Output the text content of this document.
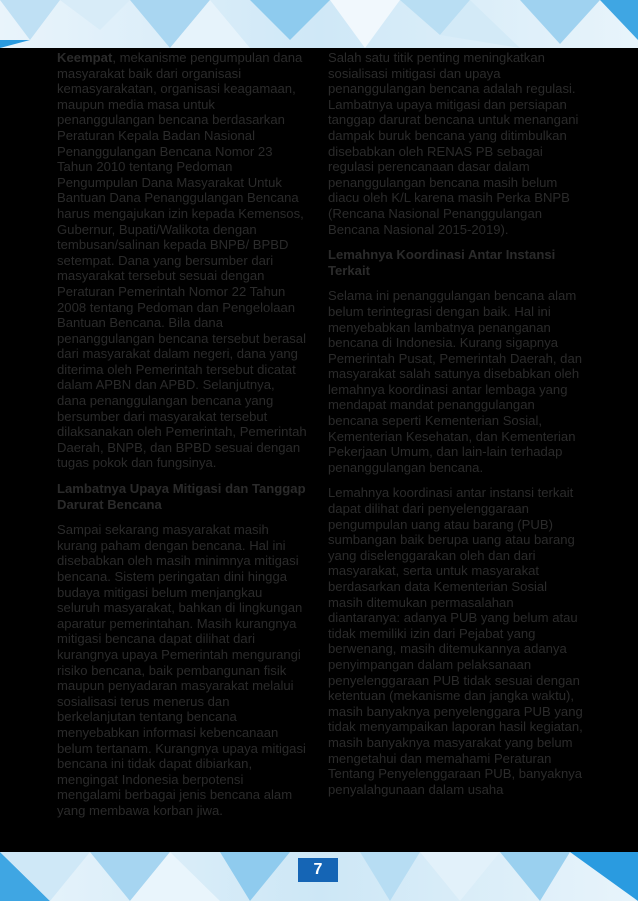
Keempat, mekanisme pengumpulan dana masyarakat baik dari organisasi kemasyarakatan, organisasi keagamaan, maupun media masa untuk penanggulangan bencana berdasarkan Peraturan Kepala Badan Nasional Penanggulangan Bencana Nomor 23 Tahun 2010 tentang Pedoman Pengumpulan Dana Masyarakat Untuk Bantuan Dana Penanggulangan Bencana harus mengajukan izin kepada Kemensos, Gubernur, Bupati/Walikota dengan tembusan/salinan kepada BNPB/ BPBD setempat. Dana yang bersumber dari masyarakat tersebut sesuai dengan Peraturan Pemerintah Nomor 22 Tahun 2008 tentang Pedoman dan Pengelolaan Bantuan Bencana. Bila dana penanggulangan bencana tersebut berasal dari masyarakat dalam negeri, dana yang diterima oleh Pemerintah tersebut dicatat dalam APBN dan APBD. Selanjutnya, dana penanggulangan bencana yang bersumber dari masyarakat tersebut dilaksanakan oleh Pemerintah, Pemerintah Daerah, BNPB, dan BPBD sesuai dengan tugas pokok dan fungsinya.

Lambatnya Upaya Mitigasi dan Tanggap Darurat Bencana

Sampai sekarang masyarakat masih kurang paham dengan bencana. Hal ini disebabkan oleh masih minimnya mitigasi bencana. Sistem peringatan dini hingga budaya mitigasi belum menjangkau seluruh masyarakat, bahkan di lingkungan aparatur pemerintahan. Masih kurangnya mitigasi bencana dapat dilihat dari kurangnya upaya Pemerintah mengurangi risiko bencana, baik pembangunan fisik maupun penyadaran masyarakat melalui sosialisasi terus menerus dan berkelanjutan tentang bencana menyebabkan informasi kebencanaan belum tertanam. Kurangnya upaya mitigasi bencana ini tidak dapat dibiarkan, mengingat Indonesia berpotensi mengalami berbagai jenis bencana alam yang membawa korban jiwa.

Salah satu titik penting meningkatkan sosialisasi mitigasi dan upaya penanggulangan bencana adalah regulasi. Lambatnya upaya mitigasi dan persiapan tanggap darurat bencana untuk menangani dampak buruk bencana yang ditimbulkan disebabkan oleh RENAS PB sebagai regulasi perencanaan dasar dalam penanggulangan bencana masih belum diacu oleh K/L karena masih Perka BNPB (Rencana Nasional Penanggulangan Bencana Nasional 2015-2019).

Lemahnya Koordinasi Antar Instansi Terkait

Selama ini penanggulangan bencana alam belum terintegrasi dengan baik. Hal ini menyebabkan lambatnya penanganan bencana di Indonesia. Kurang sigapnya Pemerintah Pusat, Pemerintah Daerah, dan masyarakat salah satunya disebabkan oleh lemahnya koordinasi antar lembaga yang mendapat mandat penanggulangan bencana seperti Kementerian Sosial, Kementerian Kesehatan, dan Kementerian Pekerjaan Umum, dan lain-lain terhadap penanggulangan bencana.

Lemahnya koordinasi antar instansi terkait dapat dilihat dari penyelenggaraan pengumpulan uang atau barang (PUB) sumbangan baik berupa uang atau barang yang diselenggarakan oleh dan dari masyarakat, serta untuk masyarakat berdasarkan data Kementerian Sosial masih ditemukan permasalahan diantaranya: adanya PUB yang belum atau tidak memiliki izin dari Pejabat yang berwenang, masih ditemukannya adanya penyimpangan dalam pelaksanaan penyelenggaraan PUB tidak sesuai dengan ketentuan (mekanisme dan jangka waktu), masih banyaknya penyelenggara PUB yang tidak menyampaikan laporan hasil kegiatan, masih banyaknya masyarakat yang belum mengetahui dan memahami Peraturan Tentang Penyelenggaraan PUB, banyaknya penyalahgunaan dalam usaha

7
